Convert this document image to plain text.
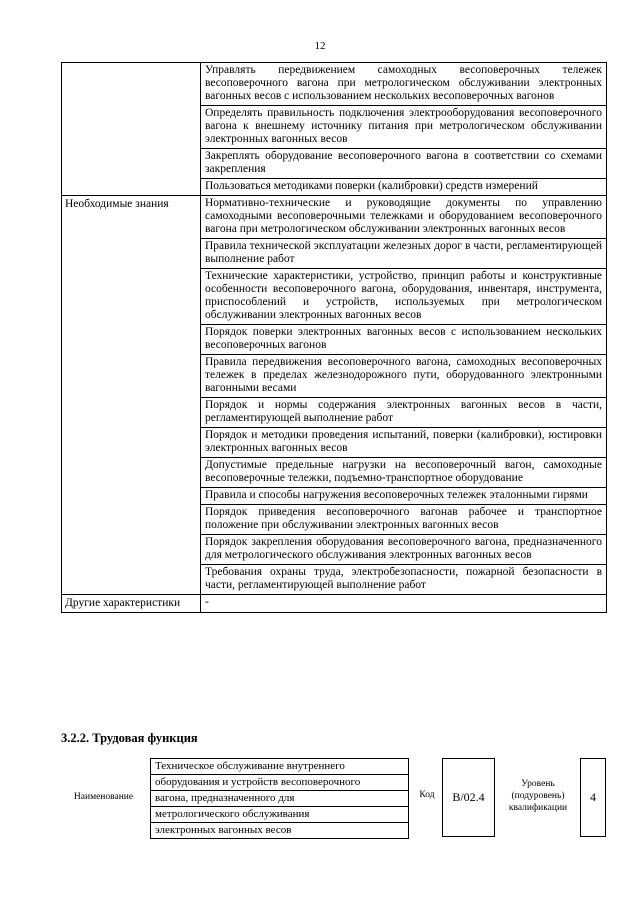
12
	Управлять передвижением самоходных весоповерочных тележек весоповерочного вагона при метрологическом обслуживании электронных вагонных весов с использованием нескольких весоповерочных вагонов
	Определять правильность подключения электрооборудования весоповерочного вагона к внешнему источнику питания при метрологическом обслуживании электронных вагонных весов
	Закреплять оборудование весоповерочного вагона в соответствии со схемами закрепления
	Пользоваться методиками поверки (калибровки) средств измерений
Необходимые знания	Нормативно-технические и руководящие документы по управлению самоходными весоповерочными тележками и оборудованием весоповерочного вагона при метрологическом обслуживании электронных вагонных весов
	Правила технической эксплуатации железных дорог в части, регламентирующей выполнение работ
	Технические характеристики, устройство, принцип работы и конструктивные особенности весоповерочного вагона, оборудования, инвентаря, инструмента, приспособлений и устройств, используемых при метрологическом обслуживании электронных вагонных весов
	Порядок поверки электронных вагонных весов с использованием нескольких весоповерочных вагонов
	Правила передвижения весоповерочного вагона, самоходных весоповерочных тележек в пределах железнодорожного пути, оборудованного электронными вагонными весами
	Порядок и нормы содержания электронных вагонных весов в части, регламентирующей выполнение работ
	Порядок и методики проведения испытаний, поверки (калибровки), юстировки электронных вагонных весов
	Допустимые предельные нагрузки на весоповерочный вагон, самоходные весоповерочные тележки, подъемно-транспортное оборудование
	Правила и способы нагружения весоповерочных тележек эталонными гирями
	Порядок приведения весоповерочного вагонав рабочее и транспортное положение при обслуживании электронных вагонных весов
	Порядок закрепления оборудования весоповерочного вагона, предназначенного для метрологического обслуживания электронных вагонных весов
	Требования охраны труда, электробезопасности, пожарной безопасности в части, регламентирующей выполнение работ
Другие характеристики	-
3.2.2. Трудовая функция
Наименование
Техническое обслуживание внутреннего
оборудования и устройств весоповерочного
вагона, предназначенного для
метрологического обслуживания
электронных вагонных весов
Код	B/02.4
Уровень (подуровень) квалификации
4
